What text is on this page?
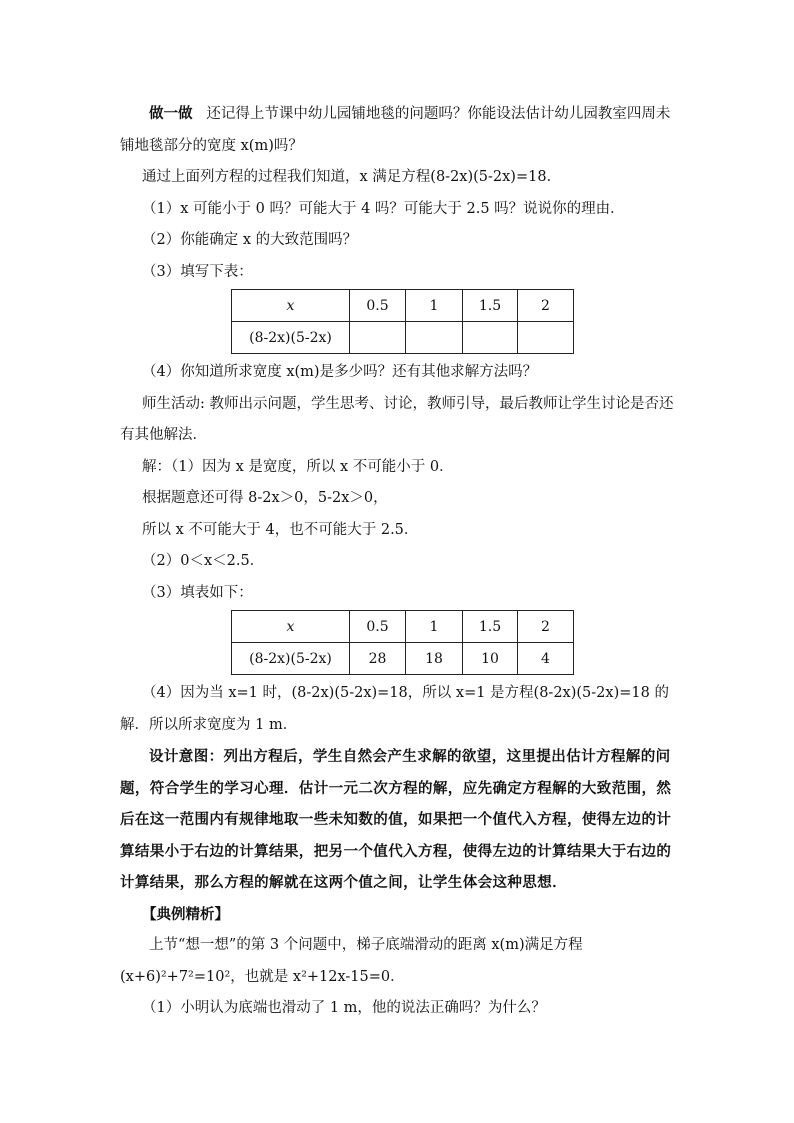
做一做 还记得上节课中幼儿园铺地毯的问题吗？你能设法估计幼儿园教室四周未铺地毯部分的宽度 x(m)吗？

通过上面列方程的过程我们知道，x 满足方程(8-2x)(5-2x)=18．

（1）x 可能小于 0 吗？可能大于 4 吗？可能大于 2.5 吗？说说你的理由．

（2）你能确定 x 的大致范围吗？

（3）填写下表：

x	0.5	1	1.5	2
(8-2x)(5-2x)				

（4）你知道所求宽度 x(m)是多少吗？还有其他求解方法吗？

师生活动: 教师出示问题，学生思考、讨论，教师引导，最后教师让学生讨论是否还有其他解法．

解：（1）因为 x 是宽度，所以 x 不可能小于 0．

根据题意还可得 8-2x＞0，5-2x＞0，

所以 x 不可能大于 4，也不可能大于 2.5．

（2）0＜x＜2.5．

（3）填表如下：

x	0.5	1	1.5	2
(8-2x)(5-2x)	28	18	10	4

（4）因为当 x=1 时，(8-2x)(5-2x)=18，所以 x=1 是方程(8-2x)(5-2x)=18 的解．所以所求宽度为 1 m．

设计意图：列出方程后，学生自然会产生求解的欲望，这里提出估计方程解的问题，符合学生的学习心理．估计一元二次方程的解，应先确定方程解的大致范围，然后在这一范围内有规律地取一些未知数的值，如果把一个值代入方程，使得左边的计算结果小于右边的计算结果，把另一个值代入方程，使得左边的计算结果大于右边的计算结果，那么方程的解就在这两个值之间，让学生体会这种思想．

【典例精析】

上节“想一想”的第 3 个问题中，梯子底端滑动的距离 x(m)满足方程(x+6)²+7²=10²，也就是 x²+12x-15=0．

（1）小明认为底端也滑动了 1 m，他的说法正确吗？为什么？
